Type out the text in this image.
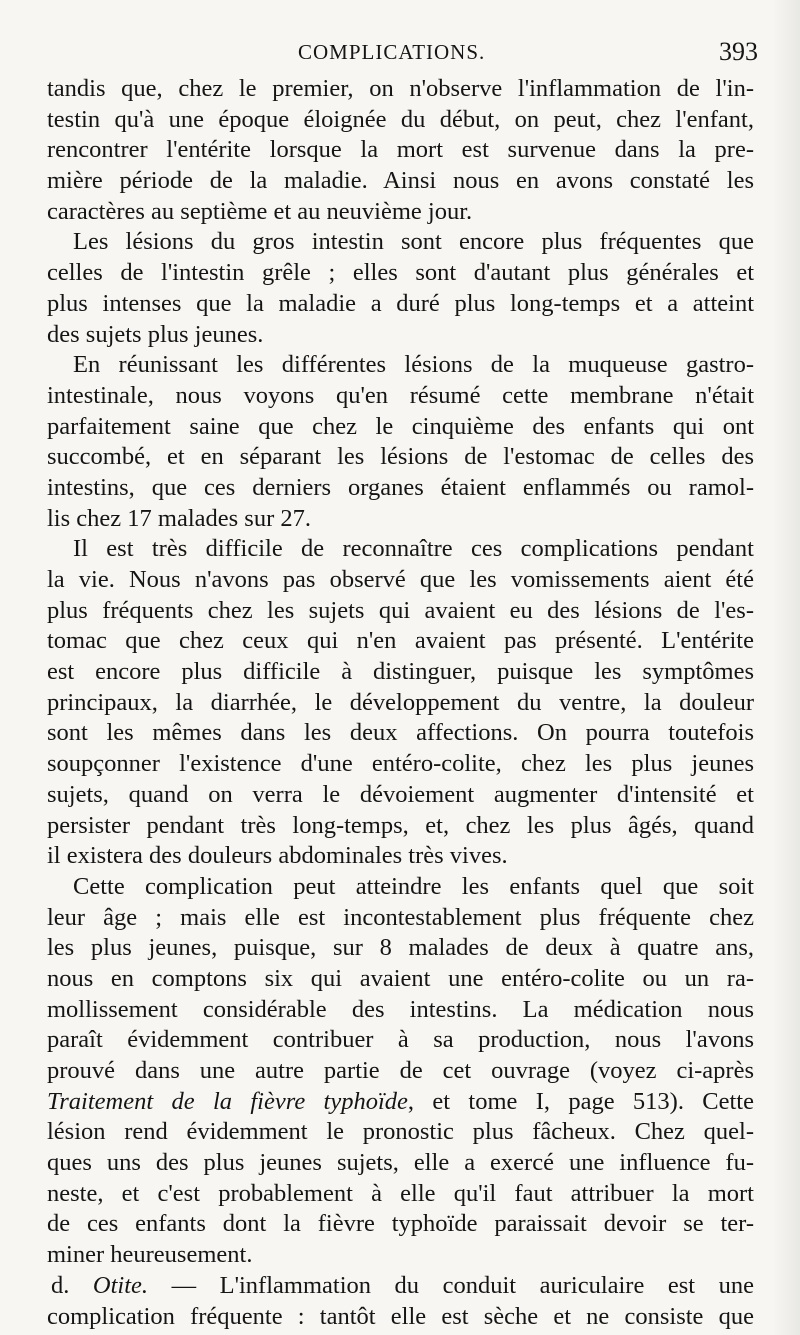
COMPLICATIONS.	393
tandis que, chez le premier, on n'observe l'inflammation de l'in-
testin qu'à une époque éloignée du début, on peut, chez l'enfant,
rencontrer l'entérite lorsque la mort est survenue dans la pre-
mière période de la maladie. Ainsi nous en avons constaté les
caractères au septième et au neuvième jour.
Les lésions du gros intestin sont encore plus fréquentes que
celles de l'intestin grêle ; elles sont d'autant plus générales et
plus intenses que la maladie a duré plus long-temps et a atteint
des sujets plus jeunes.
En réunissant les différentes lésions de la muqueuse gastro-
intestinale, nous voyons qu'en résumé cette membrane n'était
parfaitement saine que chez le cinquième des enfants qui ont
succombé, et en séparant les lésions de l'estomac de celles des
intestins, que ces derniers organes étaient enflammés ou ramol-
lis chez 17 malades sur 27.
Il est très difficile de reconnaître ces complications pendant
la vie. Nous n'avons pas observé que les vomissements aient été
plus fréquents chez les sujets qui avaient eu des lésions de l'es-
tomac que chez ceux qui n'en avaient pas présenté. L'entérite
est encore plus difficile à distinguer, puisque les symptômes
principaux, la diarrhée, le développement du ventre, la douleur
sont les mêmes dans les deux affections. On pourra toutefois
soupçonner l'existence d'une entéro-colite, chez les plus jeunes
sujets, quand on verra le dévoiement augmenter d'intensité et
persister pendant très long-temps, et, chez les plus âgés, quand
il existera des douleurs abdominales très vives.
Cette complication peut atteindre les enfants quel que soit
leur âge ; mais elle est incontestablement plus fréquente chez
les plus jeunes, puisque, sur 8 malades de deux à quatre ans,
nous en comptons six qui avaient une entéro-colite ou un ra-
mollissement considérable des intestins. La médication nous
paraît évidemment contribuer à sa production, nous l'avons
prouvé dans une autre partie de cet ouvrage (voyez ci-après
Traitement de la fièvre typhoïde, et tome I, page 513). Cette
lésion rend évidemment le pronostic plus fâcheux. Chez quel-
ques uns des plus jeunes sujets, elle a exercé une influence fu-
neste, et c'est probablement à elle qu'il faut attribuer la mort
de ces enfants dont la fièvre typhoïde paraissait devoir se ter-
miner heureusement.
d. Otite. — L'inflammation du conduit auriculaire est une
complication fréquente : tantôt elle est sèche et ne consiste que
